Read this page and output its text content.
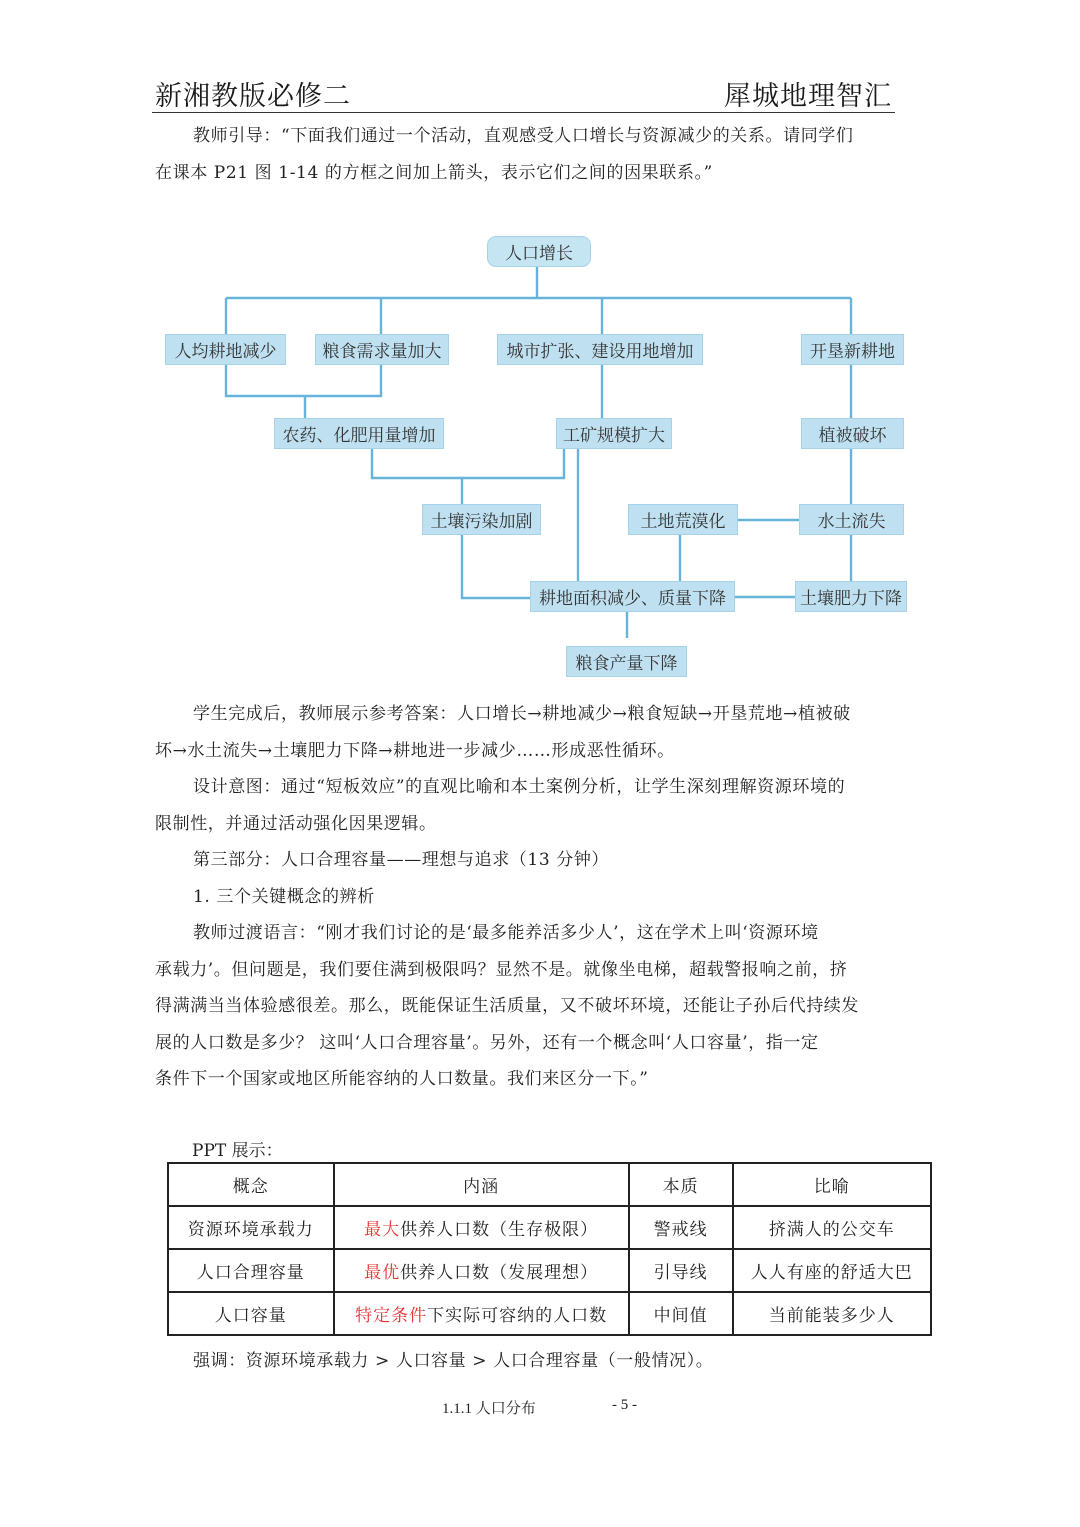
新湘教版必修二	犀城地理智汇
教师引导：“下面我们通过一个活动，直观感受人口增长与资源减少的关系。请同学们
在课本 P21 图 1-14 的方框之间加上箭头，表示它们之间的因果联系。”
人口增长
人均耕地减少	粮食需求量加大	城市扩张、建设用地增加	开垦新耕地
农药、化肥用量增加	工矿规模扩大	植被破坏
土壤污染加剧	土地荒漠化	水土流失
耕地面积减少、质量下降	土壤肥力下降
粮食产量下降
学生完成后，教师展示参考答案：人口增长→耕地减少→粮食短缺→开垦荒地→植被破
坏→水土流失→土壤肥力下降→耕地进一步减少……形成恶性循环。
设计意图：通过“短板效应”的直观比喻和本土案例分析，让学生深刻理解资源环境的
限制性，并通过活动强化因果逻辑。
第三部分：人口合理容量——理想与追求（13 分钟）
1. 三个关键概念的辨析
教师过渡语言：“刚才我们讨论的是‘最多能养活多少人’，这在学术上叫‘资源环境
承载力’。但问题是，我们要住满到极限吗？显然不是。就像坐电梯，超载警报响之前，挤
得满满当当体验感很差。那么，既能保证生活质量，又不破坏环境，还能让子孙后代持续发
展的人口数是多少？ 这叫‘人口合理容量’。另外，还有一个概念叫‘人口容量’，指一定
条件下一个国家或地区所能容纳的人口数量。我们来区分一下。”
PPT 展示：
概念	内涵	本质	比喻
资源环境承载力	最大供养人口数（生存极限）	警戒线	挤满人的公交车
人口合理容量	最优供养人口数（发展理想）	引导线	人人有座的舒适大巴
人口容量	特定条件下实际可容纳的人口数	中间值	当前能装多少人
强调：资源环境承载力 > 人口容量 > 人口合理容量（一般情况）。
1.1.1 人口分布	- 5 -
